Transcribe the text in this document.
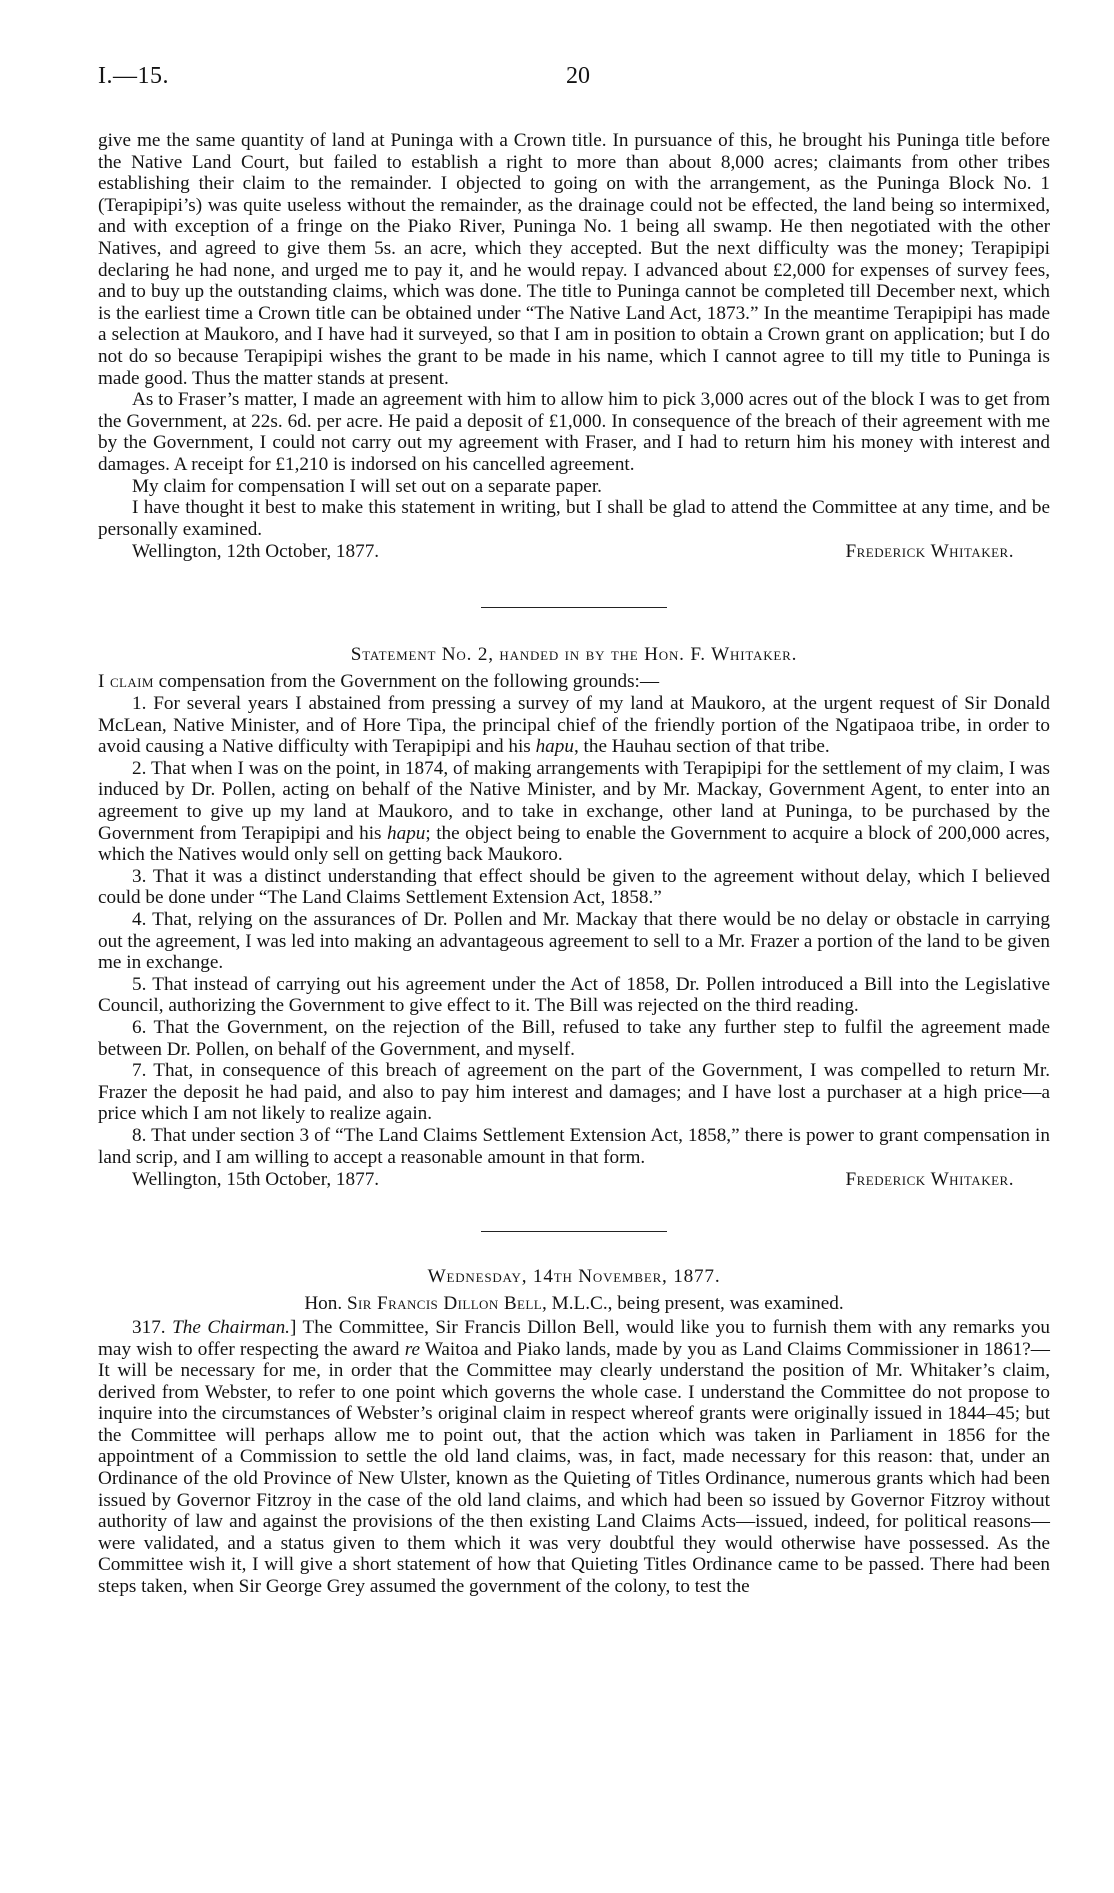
I.—15.	20

give me the same quantity of land at Puninga with a Crown title. In pursuance of this, he brought his Puninga title before the Native Land Court, but failed to establish a right to more than about 8,000 acres; claimants from other tribes establishing their claim to the remainder. I objected to going on with the arrangement, as the Puninga Block No. 1 (Terapipipi’s) was quite useless without the remainder, as the drainage could not be effected, the land being so intermixed, and with exception of a fringe on the Piako River, Puninga No. 1 being all swamp. He then negotiated with the other Natives, and agreed to give them 5s. an acre, which they accepted. But the next difficulty was the money; Terapipipi declaring he had none, and urged me to pay it, and he would repay. I advanced about £2,000 for expenses of survey fees, and to buy up the outstanding claims, which was done. The title to Puninga cannot be completed till December next, which is the earliest time a Crown title can be obtained under “The Native Land Act, 1873.” In the meantime Terapipipi has made a selection at Maukoro, and I have had it surveyed, so that I am in position to obtain a Crown grant on application; but I do not do so because Terapipipi wishes the grant to be made in his name, which I cannot agree to till my title to Puninga is made good. Thus the matter stands at present.

As to Fraser’s matter, I made an agreement with him to allow him to pick 3,000 acres out of the block I was to get from the Government, at 22s. 6d. per acre. He paid a deposit of £1,000. In consequence of the breach of their agreement with me by the Government, I could not carry out my agreement with Fraser, and I had to return him his money with interest and damages. A receipt for £1,210 is indorsed on his cancelled agreement.

My claim for compensation I will set out on a separate paper.

I have thought it best to make this statement in writing, but I shall be glad to attend the Committee at any time, and be personally examined.

Wellington, 12th October, 1877.	Frederick Whitaker.
Statement No. 2, handed in by the Hon. F. Whitaker.

I claim compensation from the Government on the following grounds:—

1. For several years I abstained from pressing a survey of my land at Maukoro, at the urgent request of Sir Donald McLean, Native Minister, and of Hore Tipa, the principal chief of the friendly portion of the Ngatipaoa tribe, in order to avoid causing a Native difficulty with Terapipipi and his hapu, the Hauhau section of that tribe.

2. That when I was on the point, in 1874, of making arrangements with Terapipipi for the settlement of my claim, I was induced by Dr. Pollen, acting on behalf of the Native Minister, and by Mr. Mackay, Government Agent, to enter into an agreement to give up my land at Maukoro, and to take in exchange, other land at Puninga, to be purchased by the Government from Terapipipi and his hapu; the object being to enable the Government to acquire a block of 200,000 acres, which the Natives would only sell on getting back Maukoro.

3. That it was a distinct understanding that effect should be given to the agreement without delay, which I believed could be done under “The Land Claims Settlement Extension Act, 1858.”

4. That, relying on the assurances of Dr. Pollen and Mr. Mackay that there would be no delay or obstacle in carrying out the agreement, I was led into making an advantageous agreement to sell to a Mr. Frazer a portion of the land to be given me in exchange.

5. That instead of carrying out his agreement under the Act of 1858, Dr. Pollen introduced a Bill into the Legislative Council, authorizing the Government to give effect to it. The Bill was rejected on the third reading.

6. That the Government, on the rejection of the Bill, refused to take any further step to fulfil the agreement made between Dr. Pollen, on behalf of the Government, and myself.

7. That, in consequence of this breach of agreement on the part of the Government, I was compelled to return Mr. Frazer the deposit he had paid, and also to pay him interest and damages; and I have lost a purchaser at a high price—a price which I am not likely to realize again.

8. That under section 3 of “The Land Claims Settlement Extension Act, 1858,” there is power to grant compensation in land scrip, and I am willing to accept a reasonable amount in that form.

Wellington, 15th October, 1877.	Frederick Whitaker.
Wednesday, 14th November, 1877.
Hon. Sir Francis Dillon Bell, M.L.C., being present, was examined.

317. The Chairman.] The Committee, Sir Francis Dillon Bell, would like you to furnish them with any remarks you may wish to offer respecting the award re Waitoa and Piako lands, made by you as Land Claims Commissioner in 1861?—It will be necessary for me, in order that the Committee may clearly understand the position of Mr. Whitaker’s claim, derived from Webster, to refer to one point which governs the whole case. I understand the Committee do not propose to inquire into the circumstances of Webster’s original claim in respect whereof grants were originally issued in 1844–45; but the Committee will perhaps allow me to point out, that the action which was taken in Parliament in 1856 for the appointment of a Commission to settle the old land claims, was, in fact, made necessary for this reason: that, under an Ordinance of the old Province of New Ulster, known as the Quieting of Titles Ordinance, numerous grants which had been issued by Governor Fitzroy in the case of the old land claims, and which had been so issued by Governor Fitzroy without authority of law and against the provisions of the then existing Land Claims Acts—issued, indeed, for political reasons—were validated, and a status given to them which it was very doubtful they would otherwise have possessed. As the Committee wish it, I will give a short statement of how that Quieting Titles Ordinance came to be passed. There had been steps taken, when Sir George Grey assumed the government of the colony, to test the
